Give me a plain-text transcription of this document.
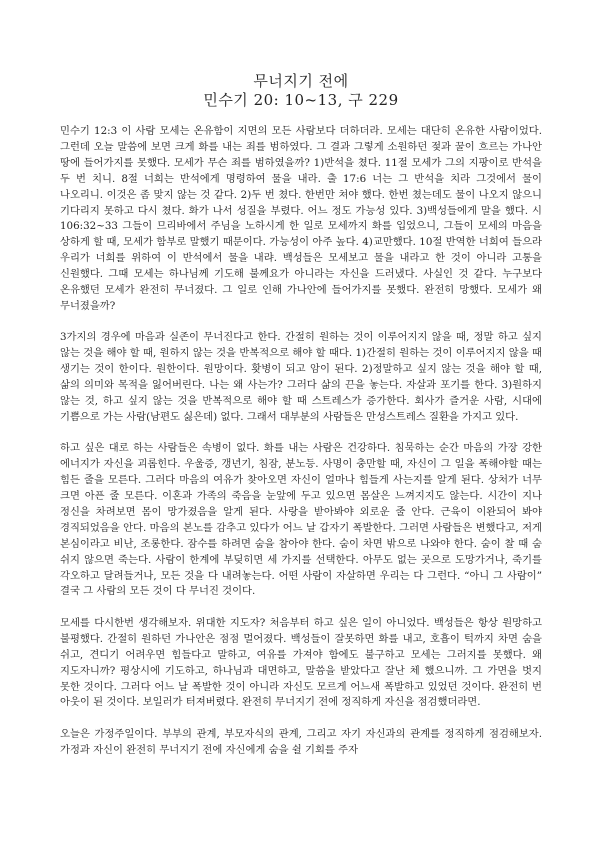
무너지기 전에
민수기 20: 10~13, 구 229

민수기 12:3 이 사람 모세는 온유함이 지면의 모든 사람보다 더하더라. 모세는 대단히 온유한 사람이었다. 그런데 오늘 말씀에 보면 크게 화를 내는 죄를 범하였다. 그 결과 그렇게 소원하던 젖과 꿀이 흐르는 가나안 땅에 들어가지를 못했다. 모세가 무슨 죄를 범하였을까? 1)반석을 쳤다. 11절 모세가 그의 지팡이로 반석을 두 번 치니. 8절 너희는 반석에게 명령하여 물을 내라. 출 17:6 너는 그 반석을 치라 그것에서 물이 나오리니. 이것은 좀 맞지 않는 것 같다. 2)두 번 쳤다. 한번만 쳐야 했다. 한번 쳤는데도 물이 나오지 않으니 기다리지 못하고 다시 쳤다. 화가 나서 성질을 부렸다. 어느 정도 가능성 있다. 3)백성들에게 말을 했다. 시 106:32~33 그들이 므리바에서 주님을 노하시게 한 일로 모세까지 화를 입었으니, 그들이 모세의 마음을 상하게 할 때, 모세가 함부로 말했기 때문이다. 가능성이 아주 높다. 4)교만했다. 10절 반역한 너희여 들으라 우리가 너희를 위하여 이 반석에서 물을 내랴. 백성들은 모세보고 물을 내라고 한 것이 아니라 고통을 신원했다. 그때 모세는 하나님께 기도해 불께요가 아니라는 자신을 드러냈다. 사실인 것 같다. 누구보다 온유했던 모세가 완전히 무너졌다. 그 일로 인해 가나안에 들어가지를 못했다. 완전히 망했다. 모세가 왜 무너졌을까?

3가지의 경우에 마음과 실존이 무너진다고 한다. 간절히 원하는 것이 이루어지지 않을 때, 정말 하고 싶지 않는 것을 해야 할 때, 원하지 않는 것을 반복적으로 해야 할 때다. 1)간절히 원하는 것이 이루어지지 않을 때 생기는 것이 한이다. 원한이다. 원망이다. 홧병이 되고 암이 된다. 2)정말하고 싶지 않는 것을 해야 할 때, 삶의 의미와 목적을 잃어버린다. 나는 왜 사는가? 그러다 삶의 끈을 놓는다. 자살과 포기를 한다. 3)원하지 않는 것, 하고 싶지 않는 것을 반복적으로 해야 할 때 스트레스가 증가한다. 회사가 즐거운 사람, 시대에 기쁨으로 가는 사람(남편도 싫은데) 없다. 그래서 대부분의 사람들은 만성스트레스 질환을 가지고 있다.

하고 싶은 대로 하는 사람들은 속병이 없다. 화를 내는 사람은 건강하다. 침묵하는 순간 마음의 가장 강한 에너지가 자신을 괴롭힌다. 우울증, 갱년기, 침잠, 분노등. 사명이 충만할 때, 자신이 그 일을 폭해야할 때는 힘든 줄을 모른다. 그러다 마음의 여유가 찾아오면 자신이 얼마나 힘들게 사는지를 알게 된다. 상처가 너무 크면 아픈 줄 모른다. 이혼과 가족의 죽음을 눈앞에 두고 있으면 몸살은 느껴지지도 않는다. 시간이 지나 정신을 차려보면 몸이 망가졌음을 알게 된다. 사랑을 받아봐야 외로운 줄 안다. 근육이 이완되어 봐야 경직되었음을 안다. 마음의 본노를 감추고 있다가 어느 날 갑자기 폭발한다. 그러면 사람들은 변했다고, 저게 본심이라고 비난, 조롱한다. 잠수를 하려면 숨을 참아야 한다. 숨이 차면 밖으로 나와야 한다. 숨이 찰 때 숨 쉬지 않으면 죽는다. 사람이 한계에 부딪히면 세 가지를 선택한다. 아무도 없는 곳으로 도망가거나, 죽기를 각오하고 달려들거나, 모든 것을 다 내려놓는다. 어떤 사람이 자살하면 우리는 다 그런다. “아니 그 사람이” 결국 그 사람의 모든 것이 다 무너진 것이다.

모세를 다시한번 생각해보자. 위대한 지도자? 처음부터 하고 싶은 일이 아니었다. 백성들은 항상 원망하고 불평했다. 간절히 원하던 가나안은 점점 멀어졌다. 백성들이 잘못하면 화를 내고, 호흡이 턱까지 차면 숨을 쉬고, 견디기 어려우면 힘들다고 말하고, 여유를 가져야 함에도 불구하고 모세는 그러지를 못했다. 왜 지도자니까? 평상시에 기도하고, 하나님과 대면하고, 말씀을 받았다고 잘난 체 했으니까. 그 가면을 벗지 못한 것이다. 그러다 어느 날 폭발한 것이 아니라 자신도 모르게 어느새 폭발하고 있었던 것이다. 완전히 번 아웃이 된 것이다. 보일러가 터져버렸다. 완전히 무너지기 전에 정직하게 자신을 점검했더라면.

오늘은 가정주일이다. 부부의 관계, 부모자식의 관계, 그리고 자기 자신과의 관계를 정직하게 점검해보자. 가정과 자신이 완전히 무너지기 전에 자신에게 숨을 쉴 기회를 주자
